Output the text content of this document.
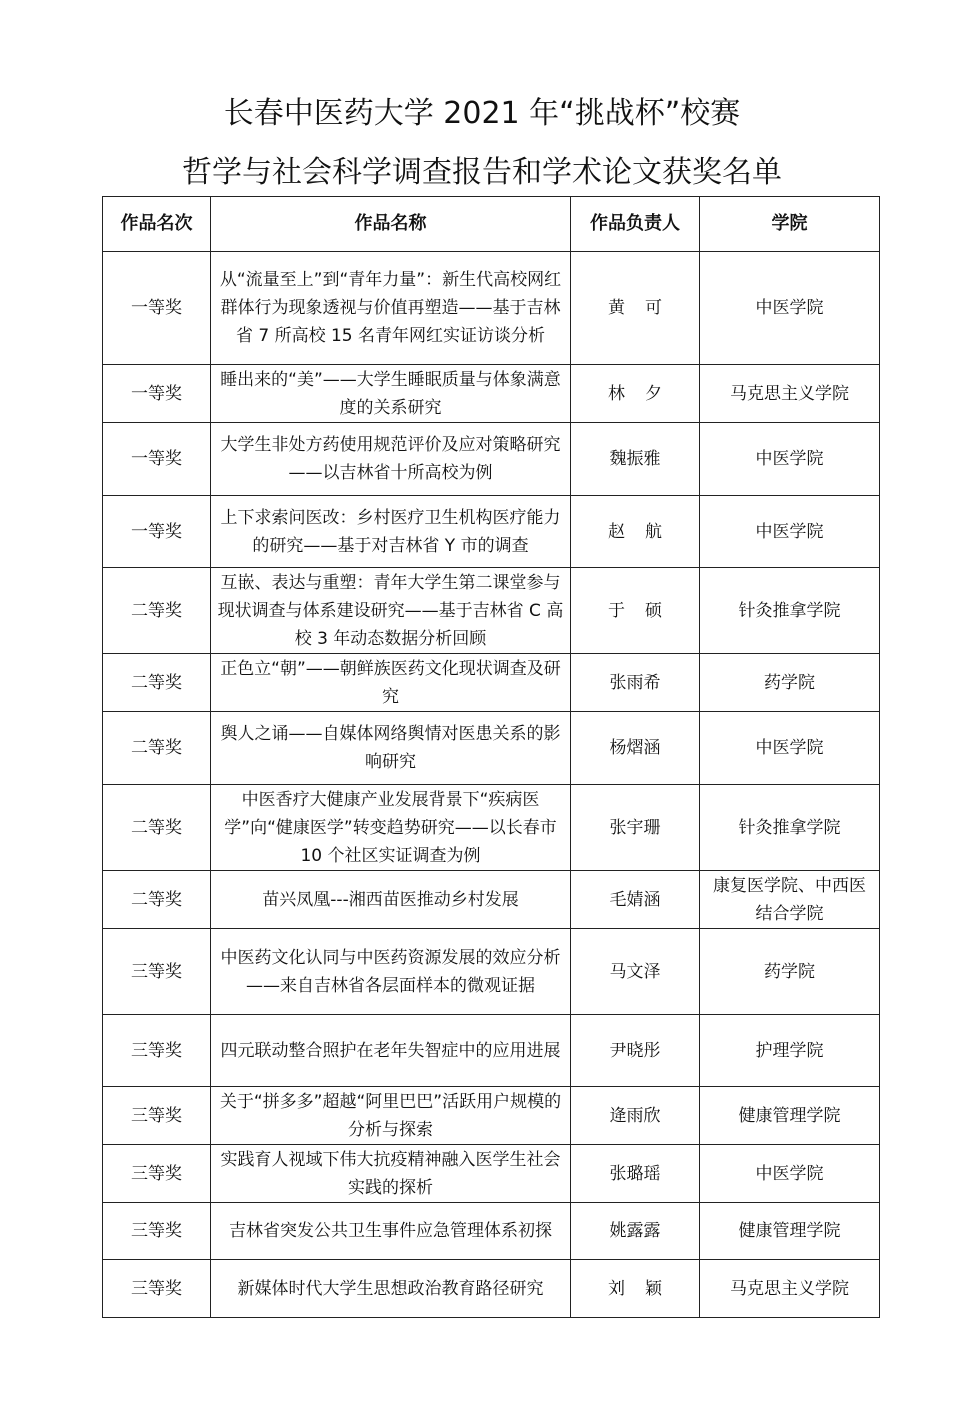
长春中医药大学 2021 年“挑战杯”校赛
哲学与社会科学调查报告和学术论文获奖名单
作品名次	作品名称	作品负责人	学院
一等奖	从“流量至上”到“青年力量”：新生代高校网红群体行为现象透视与价值再塑造——基于吉林省 7 所高校 15 名青年网红实证访谈分析	黄可	中医学院
一等奖	睡出来的“美”——大学生睡眠质量与体象满意度的关系研究	林夕	马克思主义学院
一等奖	大学生非处方药使用规范评价及应对策略研究——以吉林省十所高校为例	魏振雅	中医学院
一等奖	上下求索问医改：乡村医疗卫生机构医疗能力的研究——基于对吉林省 Y 市的调查	赵航	中医学院
二等奖	互嵌、表达与重塑：青年大学生第二课堂参与现状调查与体系建设研究——基于吉林省 C 高校 3 年动态数据分析回顾	于硕	针灸推拿学院
二等奖	正色立“朝”——朝鲜族医药文化现状调查及研究	张雨希	药学院
二等奖	舆人之诵——自媒体网络舆情对医患关系的影响研究	杨熠涵	中医学院
二等奖	中医香疗大健康产业发展背景下“疾病医学”向“健康医学”转变趋势研究——以长春市 10 个社区实证调查为例	张宇珊	针灸推拿学院
二等奖	苗兴凤凰---湘西苗医推动乡村发展	毛婧涵	康复医学院、中西医结合学院
三等奖	中医药文化认同与中医药资源发展的效应分析——来自吉林省各层面样本的微观证据	马文泽	药学院
三等奖	四元联动整合照护在老年失智症中的应用进展	尹晓彤	护理学院
三等奖	关于“拼多多”超越“阿里巴巴”活跃用户规模的分析与探索	逄雨欣	健康管理学院
三等奖	实践育人视域下伟大抗疫精神融入医学生社会实践的探析	张璐瑶	中医学院
三等奖	吉林省突发公共卫生事件应急管理体系初探	姚露露	健康管理学院
三等奖	新媒体时代大学生思想政治教育路径研究	刘颖	马克思主义学院
